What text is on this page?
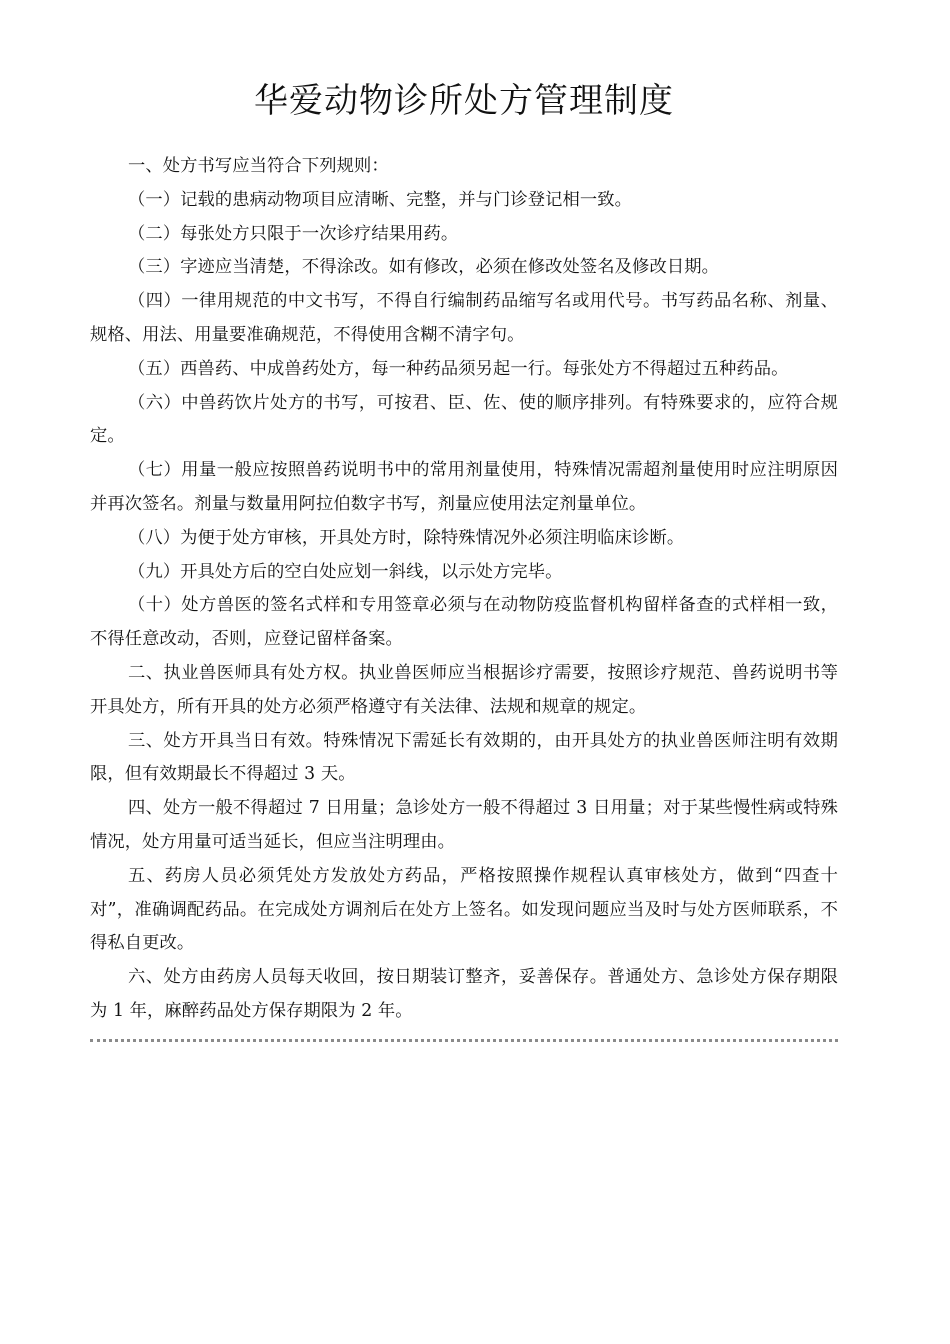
华爱动物诊所处方管理制度

一、处方书写应当符合下列规则：

（一）记载的患病动物项目应清晰、完整，并与门诊登记相一致。

（二）每张处方只限于一次诊疗结果用药。

（三）字迹应当清楚，不得涂改。如有修改，必须在修改处签名及修改日期。

（四）一律用规范的中文书写，不得自行编制药品缩写名或用代号。书写药品名称、剂量、规格、用法、用量要准确规范，不得使用含糊不清字句。

（五）西兽药、中成兽药处方，每一种药品须另起一行。每张处方不得超过五种药品。

（六）中兽药饮片处方的书写，可按君、臣、佐、使的顺序排列。有特殊要求的，应符合规定。

（七）用量一般应按照兽药说明书中的常用剂量使用，特殊情况需超剂量使用时应注明原因并再次签名。剂量与数量用阿拉伯数字书写，剂量应使用法定剂量单位。

（八）为便于处方审核，开具处方时，除特殊情况外必须注明临床诊断。

（九）开具处方后的空白处应划一斜线，以示处方完毕。

（十）处方兽医的签名式样和专用签章必须与在动物防疫监督机构留样备查的式样相一致，不得任意改动，否则，应登记留样备案。

二、执业兽医师具有处方权。执业兽医师应当根据诊疗需要，按照诊疗规范、兽药说明书等开具处方，所有开具的处方必须严格遵守有关法律、法规和规章的规定。

三、处方开具当日有效。特殊情况下需延长有效期的，由开具处方的执业兽医师注明有效期限，但有效期最长不得超过 3 天。

四、处方一般不得超过 7 日用量；急诊处方一般不得超过 3 日用量；对于某些慢性病或特殊情况，处方用量可适当延长，但应当注明理由。

五、药房人员必须凭处方发放处方药品，严格按照操作规程认真审核处方，做到“四查十对”，准确调配药品。在完成处方调剂后在处方上签名。如发现问题应当及时与处方医师联系，不得私自更改。

六、处方由药房人员每天收回，按日期装订整齐，妥善保存。普通处方、急诊处方保存期限为 1 年，麻醉药品处方保存期限为 2 年。
